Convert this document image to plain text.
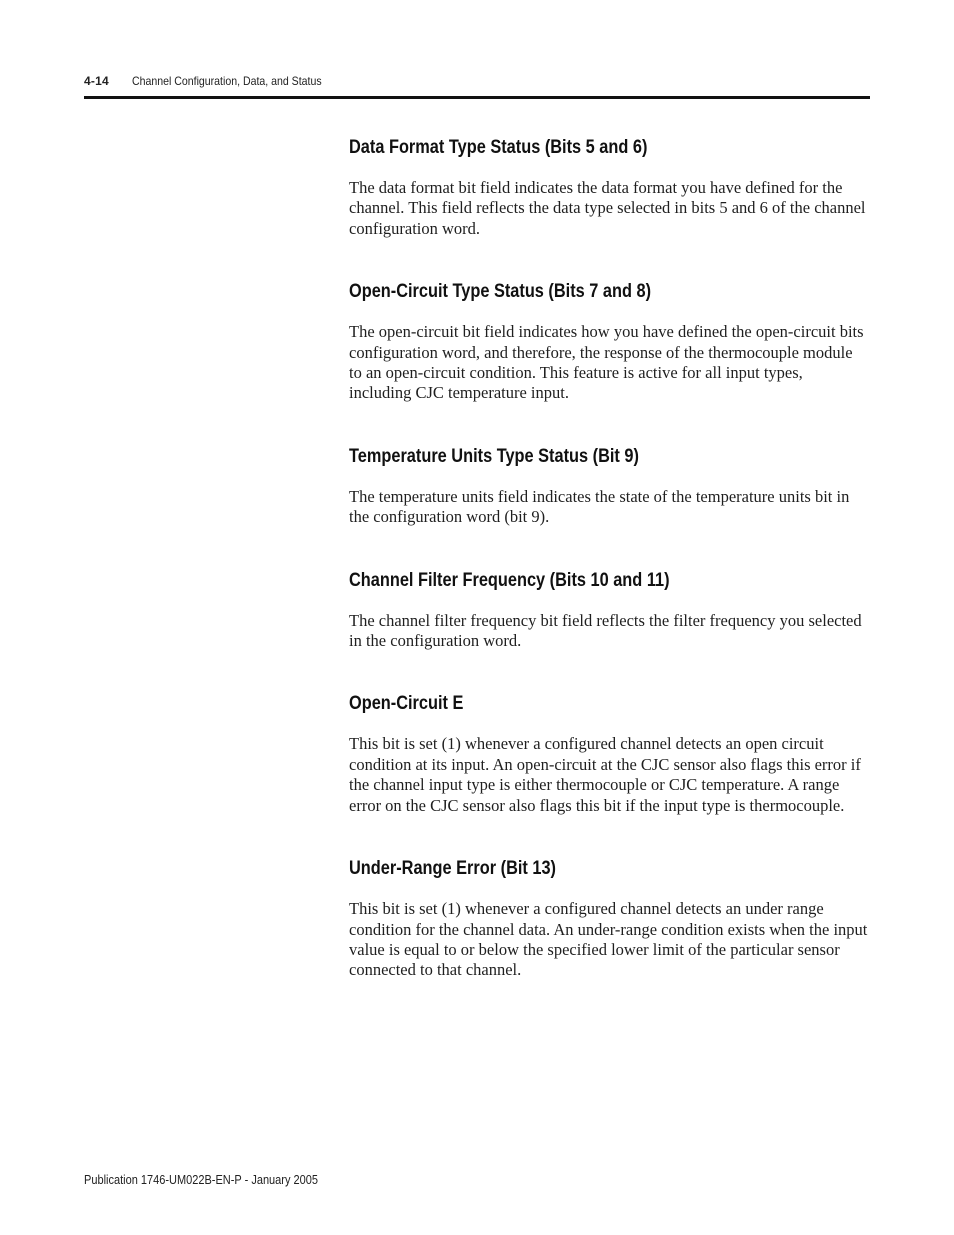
4-14 Channel Configuration, Data, and Status
Data Format Type Status (Bits 5 and 6)

The data format bit field indicates the data format you have defined for the channel. This field reflects the data type selected in bits 5 and 6 of the channel configuration word.

Open-Circuit Type Status (Bits 7 and 8)

The open-circuit bit field indicates how you have defined the open-circuit bits configuration word, and therefore, the response of the thermocouple module to an open-circuit condition. This feature is active for all input types, including CJC temperature input.

Temperature Units Type Status (Bit 9)

The temperature units field indicates the state of the temperature units bit in the configuration word (bit 9).

Channel Filter Frequency (Bits 10 and 11)

The channel filter frequency bit field reflects the filter frequency you selected in the configuration word.

Open-Circuit E

This bit is set (1) whenever a configured channel detects an open circuit condition at its input. An open-circuit at the CJC sensor also flags this error if the channel input type is either thermocouple or CJC temperature. A range error on the CJC sensor also flags this bit if the input type is thermocouple.

Under-Range Error (Bit 13)

This bit is set (1) whenever a configured channel detects an under range condition for the channel data. An under-range condition exists when the input value is equal to or below the specified lower limit of the particular sensor connected to that channel.

Publication 1746-UM022B-EN-P - January 2005
